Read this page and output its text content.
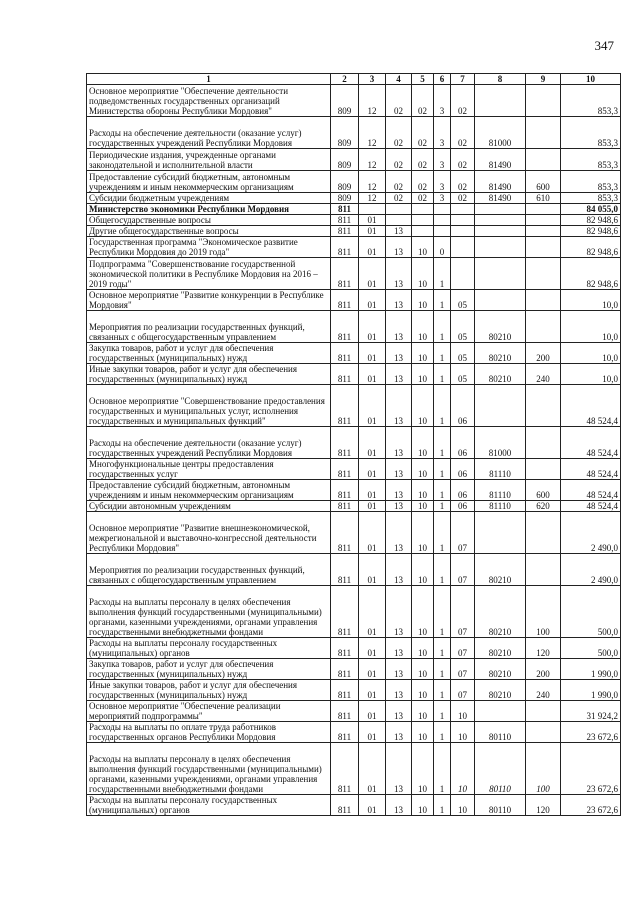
347
1	2	3	4	5	6	7	8	9	10
Основное мероприятие "Обеспечение деятельности подведомственных государственных организаций Министерства обороны Республики Мордовия"	809	12	02	02	3	02			853,3
Расходы на обеспечение деятельности (оказание услуг) государственных учреждений Республики Мордовия	809	12	02	02	3	02	81000		853,3
Периодические издания, учрежденные органами законодательной и исполнительной власти	809	12	02	02	3	02	81490		853,3
Предоставление субсидий бюджетным, автономным учреждениям и иным некоммерческим организациям	809	12	02	02	3	02	81490	600	853,3
Субсидии бюджетным учреждениям	809	12	02	02	3	02	81490	610	853,3
Министерство экономики Республики Мордовия	811								84 055,0
Общегосударственные вопросы	811	01							82 948,6
Другие общегосударственные вопросы	811	01	13						82 948,6
Государственная программа "Экономическое развитие Республики Мордовия до 2019 года"	811	01	13	10	0				82 948,6
Подпрограмма "Совершенствование государственной экономической политики в Республике Мордовия на 2016 – 2019 годы"	811	01	13	10	1				82 948,6
Основное мероприятие "Развитие конкуренции в Республике Мордовия"	811	01	13	10	1	05			10,0
Мероприятия по реализации государственных функций, связанных с общегосударственным управлением	811	01	13	10	1	05	80210		10,0
Закупка товаров, работ и услуг для обеспечения государственных (муниципальных) нужд	811	01	13	10	1	05	80210	200	10,0
Иные закупки товаров, работ и услуг для обеспечения государственных (муниципальных) нужд	811	01	13	10	1	05	80210	240	10,0
Основное мероприятие "Совершенствование предоставления государственных и муниципальных услуг, исполнения государственных и муниципальных функций"	811	01	13	10	1	06			48 524,4
Расходы на обеспечение деятельности (оказание услуг) государственных учреждений Республики Мордовия	811	01	13	10	1	06	81000		48 524,4
Многофункциональные центры предоставления государственных услуг	811	01	13	10	1	06	81110		48 524,4
Предоставление субсидий бюджетным, автономным учреждениям и иным некоммерческим организациям	811	01	13	10	1	06	81110	600	48 524,4
Субсидии автономным учреждениям	811	01	13	10	1	06	81110	620	48 524,4
Основное мероприятие "Развитие внешнеэкономической, межрегиональной и выставочно-конгрессной деятельности Республики Мордовия"	811	01	13	10	1	07			2 490,0
Мероприятия по реализации государственных функций, связанных с общегосударственным управлением	811	01	13	10	1	07	80210		2 490,0
Расходы на выплаты персоналу в целях обеспечения выполнения функций государственными (муниципальными) органами, казенными учреждениями, органами управления государственными внебюджетными фондами	811	01	13	10	1	07	80210	100	500,0
Расходы на выплаты персоналу государственных (муниципальных) органов	811	01	13	10	1	07	80210	120	500,0
Закупка товаров, работ и услуг для обеспечения государственных (муниципальных) нужд	811	01	13	10	1	07	80210	200	1 990,0
Иные закупки товаров, работ и услуг для обеспечения государственных (муниципальных) нужд	811	01	13	10	1	07	80210	240	1 990,0
Основное мероприятие "Обеспечение реализации мероприятий подпрограммы"	811	01	13	10	1	10			31 924,2
Расходы на выплаты по оплате труда работников государственных органов Республики Мордовия	811	01	13	10	1	10	80110		23 672,6
Расходы на выплаты персоналу в целях обеспечения выполнения функций государственными (муниципальными) органами, казенными учреждениями, органами управления государственными внебюджетными фондами	811	01	13	10	1	10	80110	100	23 672,6
Расходы на выплаты персоналу государственных (муниципальных) органов	811	01	13	10	1	10	80110	120	23 672,6
